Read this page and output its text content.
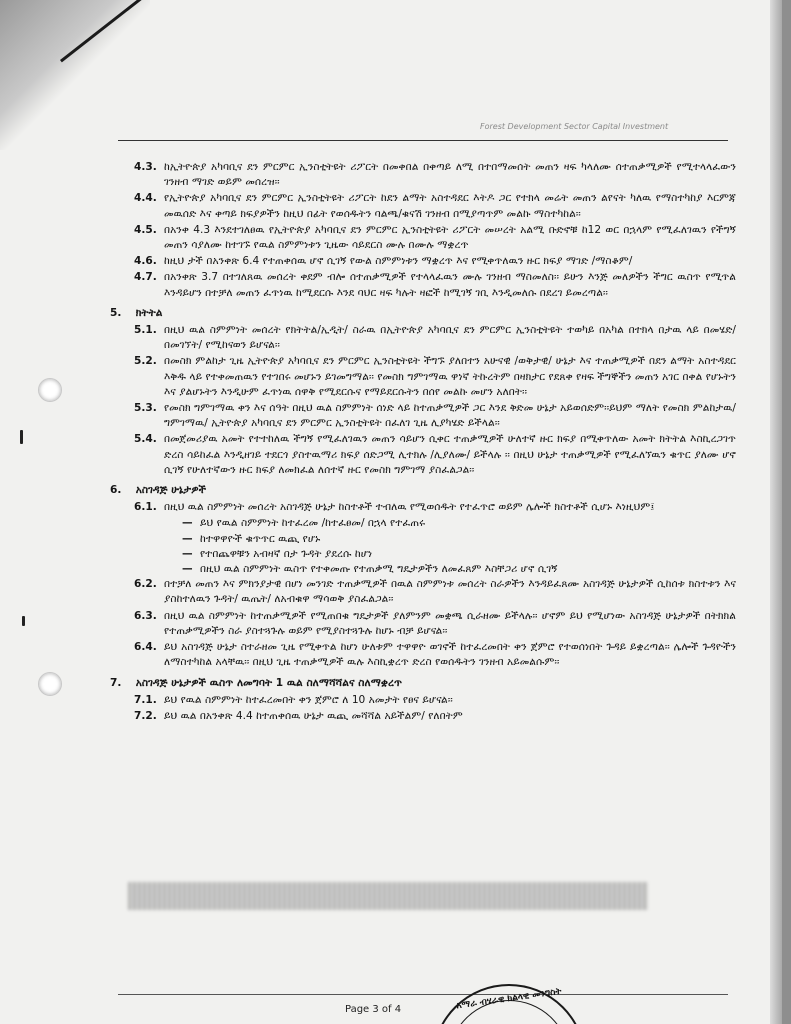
Forest Development Sector Capital Investment
4.3. ከኢትዮጵያ አካባቢና ደን ምርምር ኢንስቲትዩት ሪፖርት በመቀበል በቀጣይ ለሚ በተበማመሰት መጠን ዛፍ ካላለሙ ሰተጠቃሚዎች የሚተላላፈውን ገንዘብ ማገድ ወይም መሰረዝ፡፡
4.4. የኢትዮጵያ አካባቢና ደን ምርምር ኢንስቲትዩት ሪፖርት ከደን ልማት አስተዳደር እትዶ ጋር የተክላ መሬት መጠን ልየናት ካለዉ የማስተካከያ እርምጃ መዉሰድ እና ቀጣይ ክፍያዎችን ከዚህ በፊት የወሰዱትን ባልጫ/ቁናሽ ገንዘብ በሚያጣጥም መልኩ ማስተካከል፡፡
4.5. በአንቀ 4.3 እንደተገለፀዉ የኢትዮጵያ አካባቢና ደን ምርምር ኢንስቲትዩት ሪፖርት መሠረት አልሚ ቡድኖቹ ከ12 ወር በኋላም የሚፈለገዉን የችግኝ መጠን ሳያለሙ ከተገኙ የዉል ስምምነቱን ጊዜው ሳይደርስ ሙሉ በሙሉ ማቋረጥ
4.6. ከዚህ ታች በአንቀጽ 6.4 የተጠቀሰዉ ሆኖ ሲገኝ የውል ስምምነቱን ማቋረጥ እና የሚቀጥለዉን ዙር ክፍያ ማገድ /ማስቆም/
4.7. በአንቀጽ 3.7 በተገለጸዉ መሰረት ቀደም ብሎ ሰተጠቃሚዎች የተላላፈዉን ሙሉ ገንዘብ ማስመለስ፡፡ ይሁን እንጅ መለዎችን ችግር ዉስጥ የሚጥል እንዳይሆን በተቻለ መጠን ፈጥነዉ ከሚደርሱ እንደ ባህር ዛፍ ካሉት ዛፎች ከሚገኝ ገቢ እንዲመለሱ በደረገ ይመረጣል፡፡
5. ክትትል
5.1. በዚህ ዉል ስምምነት መሰረት የክትትል/ኢዲት/ ስራዉ በኢትዮጵያ አካባቢና ደን ምርምር ኢንስቲትዩት ተወካይ በአካል በተክላ በታዉ ላይ በመሄድ/ በመገኘት/ የሚከናወን ይሆናል፡፡
5.2. በመስክ ምልከታ ጊዜ ኢትዮጵያ አካባቢና ደን ምርምር ኢንስቲትዩት ችግኙ ያለበተን አሁናዊ /ወቅታዊ/ ሁኔታ እና ተጠቃሚዎች በደን ልማት አስተዳደር እቅዱ ላይ የተቀመጠዉን የተገበሩ መሆኑን ይገመግማል፡፡ የመስክ ግምገማዉ ዋነኛ ትኩረትም በዛክታር የደጸቀ የዛፍ ችግኞችን መጠን አገር በቀል የሆኑትን እና ያልሆኑትን እንዲሁም ፈጥነዉ ሰዋቅ የሚደርሱና የማይደርሱትን በሰየ መልኩ መሆን አለበት፡፡
5.3. የመስክ ግምገማዉ ቀን እና ሰዓት በዚህ ዉል ስምምነት ሰነድ ላይ ከተጠቃሚዎች ጋር እንደ ቅድመ ሁኔታ አይወሰድም፡፡ይህም ማለት የመስክ ምልከታዉ/ ግምገማዉ/ ኢትዮጵያ አካባቢና ደን ምርምር ኢንስቲትዩት በፈለገ ጊዜ ሊያካሄድ ይችላል፡፡
5.4. በመጀመሪያዉ አመት የተተከለዉ ችግኝ የሚፈለገዉን መጠን ሳይሆን ሲቀር ተጠቃሚዎች ሁለተኛ ዙር ክፍያ በሚቀጥለው አመት ክትትል እስኪረጋገጥ ድረስ ሳይከፈል እንዲዘገይ ተደርጎ ያስተዉማሪ ክፍያ ሰድጋሚ ሊተክሉ /ሊያለሙ/ ይችላሉ ፡፡ በዚህ ሁኔታ ተጠቃሚዎች የሚፈለኘዉን ቁጥር ያለሙ ሆኖ ሲገኝ የሁለተኛውን ዙር ክፍያ ለመክፈል ለሰተኛ ዙር የመስክ ግምገማ ያስፈልጋል፡፡
6. አስገዳጅ ሁኔታዎች
6.1. በዚህ ዉል ስምምነት መሰረት አስገዳጅ ሁኔታ ከስተቶች ተብለዉ የሚወሰዱት የተፈጥሮ ወይም ሌሎች ክስተቶች ሲሆኑ እነዚህም፤
— ይህ የዉል ስምምነት ከተፈረመ /ከተፈፀመ/ በኋላ የተፈጠሩ
— ከተዋዋዮች ቁጥጥር ዉጪ የሆኑ
— የተበጨዋቹን አብዛኛ በታ ጉዳት ያደረሱ ከሆነ
— በዚህ ዉል ስምምነት ዉስጥ የተቀመጡ የተጠቃሚ ግዴታዎችን ለመፈጸም እስቸጋሪ ሆኖ ሲገኝ
6.2. በተቻለ መጠን እና ምክንያታዊ በሆነ መንገድ ተጠቃሚዎች በዉል ስምምነቱ መሰረት ስራዎችን እንዳይፈጸሙ አስገዳጅ ሁኔታዎች ሲከሰቱ ክስተቱን እና ያስከተለዉን ጉዳት/ ዉጤት/ ለአብቁዋ ማሳወቅ ያስፈልጋል፡፡
6.3. በዚህ ዉል ስምምነት ከተጠቃሚዎች የሚጠበቁ ግዴታዎች ያለምንም መቋጫ ሲራዘሙ ይችላሉ፡፡ ሆኖም ይህ የሚሆነው አስገዳጅ ሁኔታዎች በትክክል የተጠቃሚዎችን ስራ ያስተጓጉሉ ወይም የሚያስተጓጉሉ ከሆኑ ብቻ ይሆናል፡፡
6.4. ይህ አስገዳጅ ሁኔታ ስተራዘመ ጊዜ የሚቀጥል ከሆነ ሁለቱም ተዋዋዮ ወገኖች ከተፈረመበት ቀን ጀምሮ የተወሰነበት ጉዳይ ይቋረጣል፡፡ ሌሎች ጉዳዮችን ለማስተካከል አላቸዉ፡፡ በዚህ ጊዜ ተጠቃሚዎች ዉሉ እስኪቋረጥ ድረስ የወሰዱትን ገንዘብ አይመልሱም፡፡
7. አስገዳጅ ሁኔታዎች ዉስጥ ለመግባት 1 ዉል ስለማሻሻልና ስለማቋረጥ
7.1. ይህ የዉል ስምምነት ከተፈረመበት ቀን ጀምሮ ለ 10 አመታት የፀና ይሆናል፡፡
7.2. ይህ ዉል በአንቀጽ 4.4 ከተጠቀሰዉ ሁኔታ ዉጪ መሻሻል አይችልም/ የለበትም
Page 3 of 4	አማራ ብሄራዊ ክልላዊ መንግስት
